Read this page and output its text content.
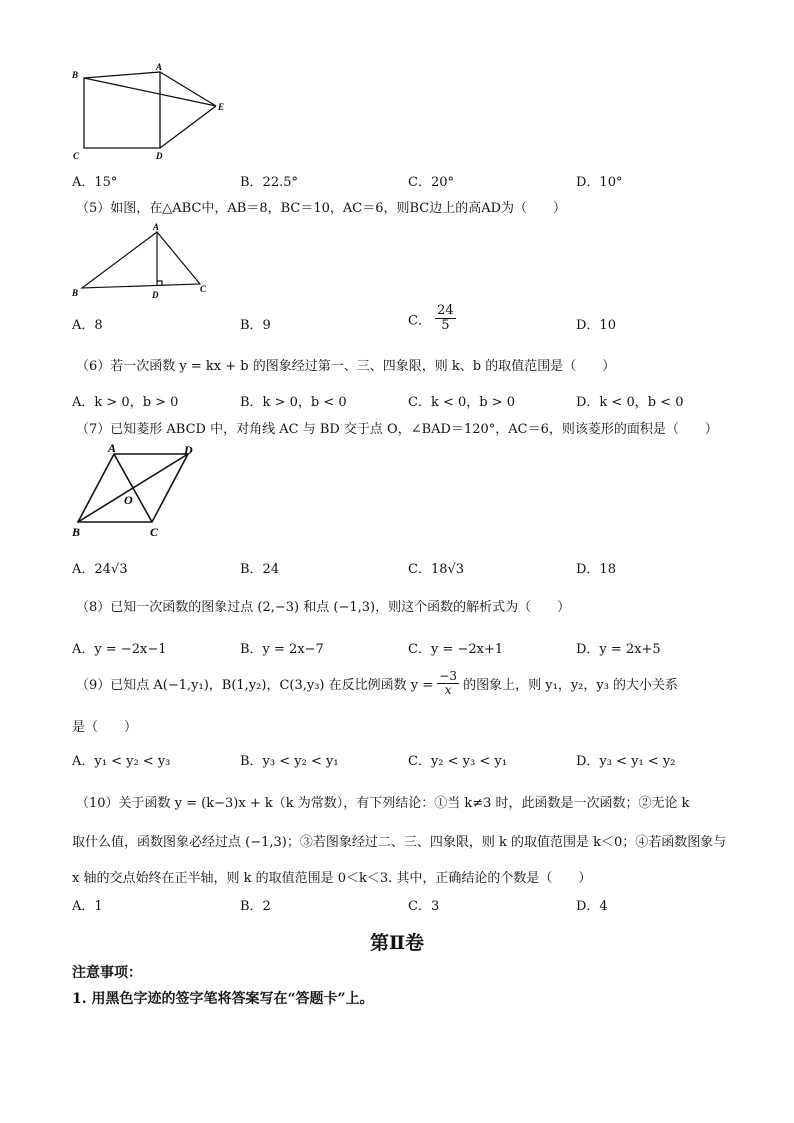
B
A
E
C	D
A．15°	B．22.5°	C．20°	D．10°
（5）如图，在△ABC中，AB＝8，BC＝10，AC＝6，则BC边上的高AD为（　　）
A
B	D
C
A．8	B．9	C． $\frac{24}{5}$	D．10
（6）若一次函数 y = kx + b 的图象经过第一、三、四象限，则 k、b 的取值范围是（　　）
A．k > 0，b > 0	B．k > 0，b < 0	C．k < 0，b > 0	D．k < 0，b < 0
（7）已知菱形 ABCD 中，对角线 AC 与 BD 交于点 O，∠BAD＝120°，AC＝6，则该菱形的面积是（　　）
A	D
O
B	C
A．24√3	B．24	C．18√3	D．18
（8）已知一次函数的图象过点 (2,−3) 和点 (−1,3)，则这个函数的解析式为（　　）
A．y = −2x−1	B．y = 2x−7	C．y = −2x+1	D．y = 2x+5
（9）已知点 A(−1,y₁)，B(1,y₂)，C(3,y₃) 在反比例函数 $y = \frac{-3}{x}$ 的图象上，则 y₁，y₂，y₃ 的大小关系
是（　　）
A．y₁ < y₂ < y₃	B．y₃ < y₂ < y₁	C．y₂ < y₃ < y₁	D．y₃ < y₁ < y₂
（10）关于函数 y = (k−3)x + k（k 为常数），有下列结论：①当 k≠3 时，此函数是一次函数；②无论 k
取什么值，函数图象必经过点 (−1,3)；③若图象经过二、三、四象限，则 k 的取值范围是 k＜0；④若函数图象与
x 轴的交点始终在正半轴，则 k 的取值范围是 0＜k＜3. 其中，正确结论的个数是（　　）
A．1	B．2	C．3	D．4
第Ⅱ卷
注意事项：
1. 用黑色字迹的签字笔将答案写在“答题卡”上。
